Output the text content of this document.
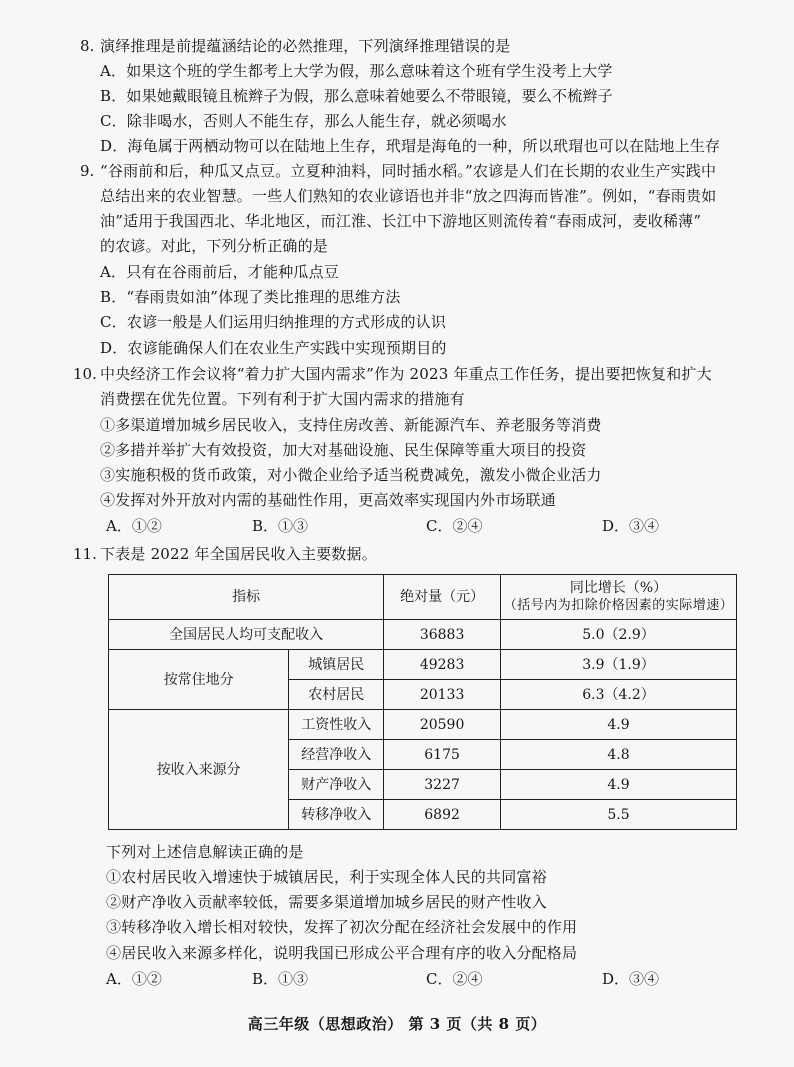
8. 演绎推理是前提蕴涵结论的必然推理，下列演绎推理错误的是
A．如果这个班的学生都考上大学为假，那么意味着这个班有学生没考上大学
B．如果她戴眼镜且梳辫子为假，那么意味着她要么不带眼镜，要么不梳辫子
C．除非喝水，否则人不能生存，那么人能生存，就必须喝水
D．海龟属于两栖动物可以在陆地上生存，玳瑁是海龟的一种，所以玳瑁也可以在陆地上生存
9. “谷雨前和后，种瓜又点豆。立夏种油料，同时插水稻。”农谚是人们在长期的农业生产实践中
总结出来的农业智慧。一些人们熟知的农业谚语也并非“放之四海而皆准”。例如，“春雨贵如
油”适用于我国西北、华北地区，而江淮、长江中下游地区则流传着“春雨成河，麦收稀薄”
的农谚。对此，下列分析正确的是
A．只有在谷雨前后，才能种瓜点豆
B．“春雨贵如油”体现了类比推理的思维方法
C．农谚一般是人们运用归纳推理的方式形成的认识
D．农谚能确保人们在农业生产实践中实现预期目的
10. 中央经济工作会议将“着力扩大国内需求”作为 2023 年重点工作任务，提出要把恢复和扩大
消费摆在优先位置。下列有利于扩大国内需求的措施有
①多渠道增加城乡居民收入，支持住房改善、新能源汽车、养老服务等消费
②多措并举扩大有效投资，加大对基础设施、民生保障等重大项目的投资
③实施积极的货币政策，对小微企业给予适当税费减免，激发小微企业活力
④发挥对外开放对内需的基础性作用，更高效率实现国内外市场联通
A．①②	B．①③	C．②④	D．③④
11. 下表是 2022 年全国居民收入主要数据。
指标		绝对量（元）	同比增长（%）
（括号内为扣除价格因素的实际增速）

全国居民人均可支配收入		36883	5.0（2.9）
按常住地分	城镇居民	49283	3.9（1.9）
	农村居民	20133	6.3（4.2）
按收入来源分	工资性收入	20590	4.9
	经营净收入	6175	4.8
	财产净收入	3227	4.9
	转移净收入	6892	5.5
下列对上述信息解读正确的是
①农村居民收入增速快于城镇居民，利于实现全体人民的共同富裕
②财产净收入贡献率较低，需要多渠道增加城乡居民的财产性收入
③转移净收入增长相对较快，发挥了初次分配在经济社会发展中的作用
④居民收入来源多样化，说明我国已形成公平合理有序的收入分配格局
A．①②	B．①③	C．②④	D．③④
高三年级（思想政治） 第 3 页（共 8 页）
